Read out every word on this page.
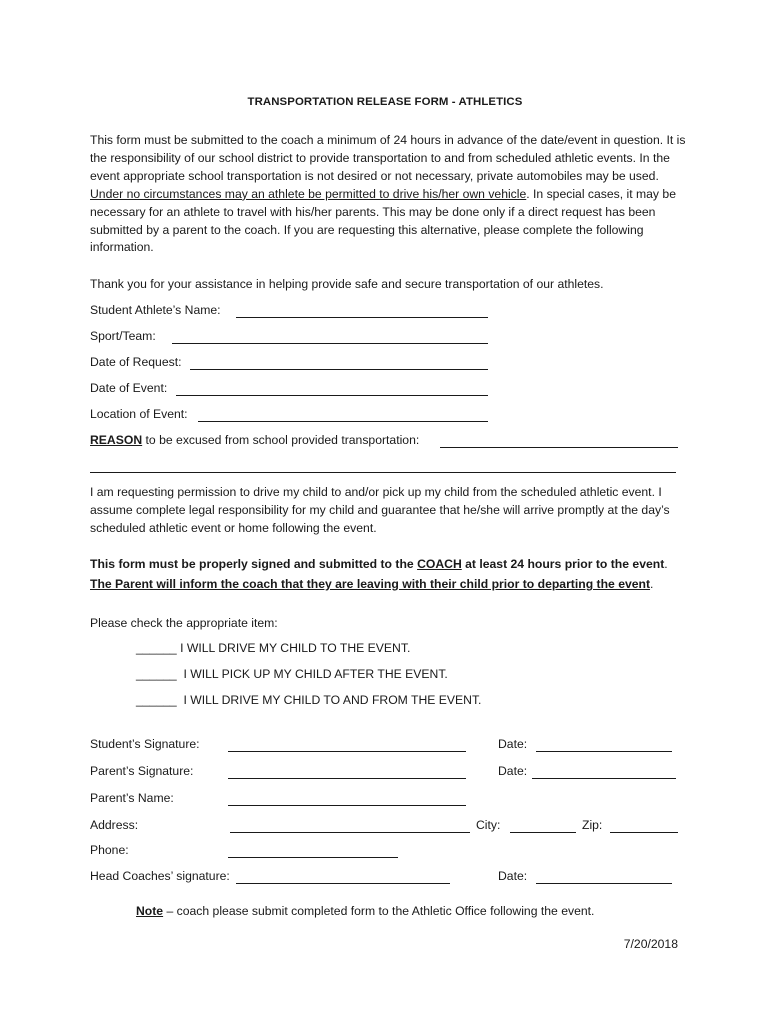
TRANSPORTATION RELEASE FORM - ATHLETICS
This form must be submitted to the coach a minimum of 24 hours in advance of the date/event in question. It is the responsibility of our school district to provide transportation to and from scheduled athletic events. In the event appropriate school transportation is not desired or not necessary, private automobiles may be used. Under no circumstances may an athlete be permitted to drive his/her own vehicle. In special cases, it may be necessary for an athlete to travel with his/her parents. This may be done only if a direct request has been submitted by a parent to the coach. If you are requesting this alternative, please complete the following information.
Thank you for your assistance in helping provide safe and secure transportation of our athletes.
Student Athlete’s Name:
Sport/Team:
Date of Request:
Date of Event:
Location of Event:
REASON to be excused from school provided transportation:
I am requesting permission to drive my child to and/or pick up my child from the scheduled athletic event. I assume complete legal responsibility for my child and guarantee that he/she will arrive promptly at the day’s scheduled athletic event or home following the event.
This form must be properly signed and submitted to the COACH at least 24 hours prior to the event.
The Parent will inform the coach that they are leaving with their child prior to departing the event.
Please check the appropriate item:
______ I WILL DRIVE MY CHILD TO THE EVENT.
______ I WILL PICK UP MY CHILD AFTER THE EVENT.
______ I WILL DRIVE MY CHILD TO AND FROM THE EVENT.
Student’s Signature:	Date:
Parent’s Signature:	Date:
Parent’s Name:
Address:	City:	Zip:
Phone:
Head Coaches’ signature:	Date:
Note – coach please submit completed form to the Athletic Office following the event.
7/20/2018
